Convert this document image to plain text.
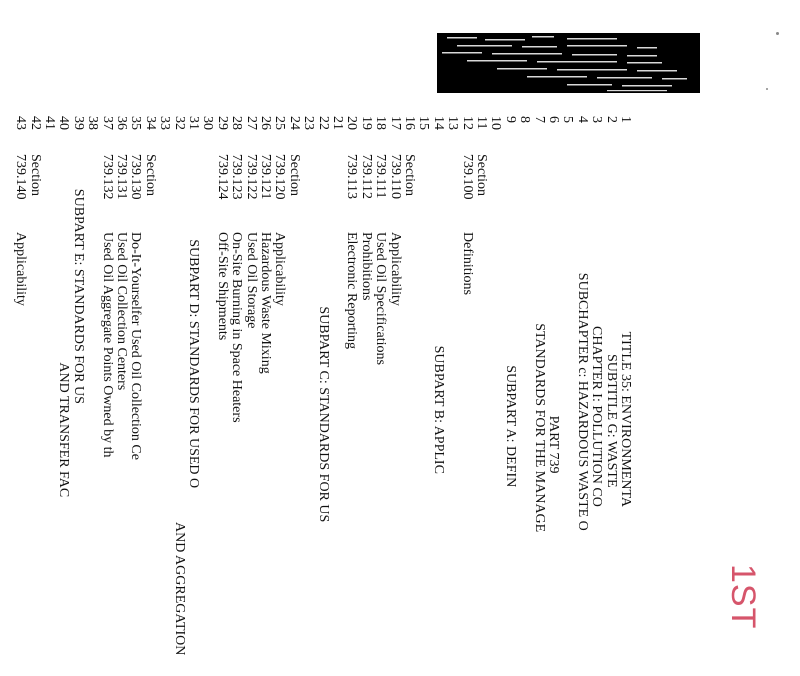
1
TITLE 35: ENVIRONMENTA
2
SUBTITLE G: WASTE
3
CHAPTER I: POLLUTION CO
4
SUBCHAPTER c: HAZARDOUS WASTE O
5
6
PART 739
7
STANDARDS FOR THE MANAGE
8
9
SUBPART A: DEFIN
10
11
Section
12
739.100
Definitions
13
14
SUBPART B: APPLIC
15
16
Section
17
739.110
Applicability
18
739.111
Used Oil Specifications
19
739.112
Prohibitions
20
739.113
Electronic Reporting
21
22
SUBPART C: STANDARDS FOR US
23
24
Section
25
739.120
Applicability
26
739.121
Hazardous Waste Mixing
27
739.122
Used Oil Storage
28
739.123
On-Site Burning in Space Heaters
29
739.124
Off-Site Shipments
30
31
SUBPART D: STANDARDS FOR USED O
32
AND AGGREGATION
33
34
Section
35
739.130
Do-It-Yourselfer Used Oil Collection Ce
36
739.131
Used Oil Collection Centers
37
739.132
Used Oil Aggregate Points Owned by th
38
39
SUBPART E: STANDARDS FOR US
40
AND TRANSFER FAC
41
42
Section
43
739.140
Applicability
1ST
